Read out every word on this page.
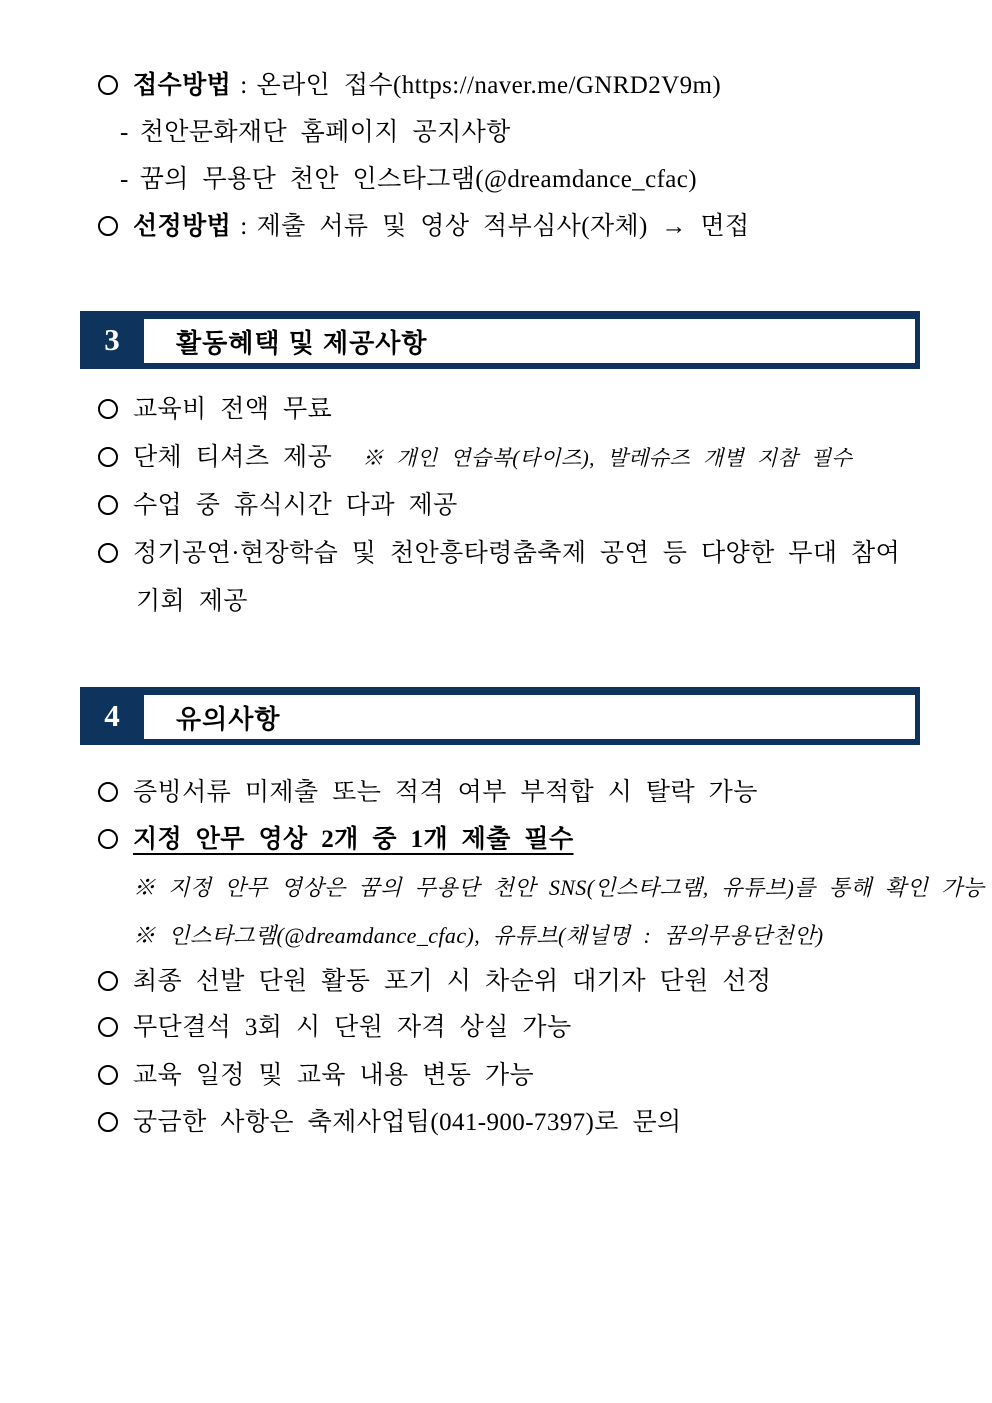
접수방법 : 온라인 접수(https://naver.me/GNRD2V9m)
- 천안문화재단 홈페이지 공지사항
- 꿈의 무용단 천안 인스타그램(@dreamdance_cfac)
선정방법 : 제출 서류 및 영상 적부심사(자체) → 면접
3	활동혜택 및 제공사항
교육비 전액 무료
단체 티셔츠 제공 ※ 개인 연습복(타이즈), 발레슈즈 개별 지참 필수
수업 중 휴식시간 다과 제공
정기공연·현장학습 및 천안흥타령춤축제 공연 등 다양한 무대 참여
기회 제공
4	유의사항
증빙서류 미제출 또는 적격 여부 부적합 시 탈락 가능
지정 안무 영상 2개 중 1개 제출 필수
※ 지정 안무 영상은 꿈의 무용단 천안 SNS(인스타그램, 유튜브)를 통해 확인 가능
※ 인스타그램(@dreamdance_cfac), 유튜브(채널명 : 꿈의무용단천안)
최종 선발 단원 활동 포기 시 차순위 대기자 단원 선정
무단결석 3회 시 단원 자격 상실 가능
교육 일정 및 교육 내용 변동 가능
궁금한 사항은 축제사업팀(041-900-7397)로 문의
